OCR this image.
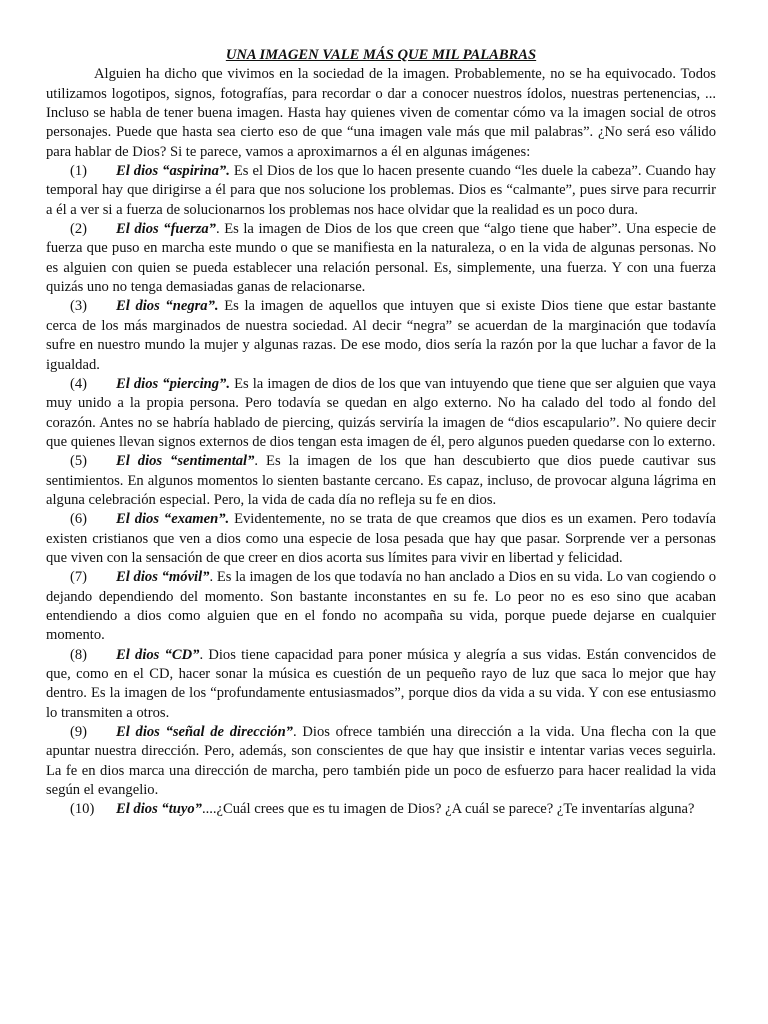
UNA IMAGEN VALE MÁS QUE MIL PALABRAS

Alguien ha dicho que vivimos en la sociedad de la imagen. Probablemente, no se ha equivocado. Todos utilizamos logotipos, signos, fotografías, para recordar o dar a conocer nuestros ídolos, nuestras pertenencias, ... Incluso se habla de tener buena imagen. Hasta hay quienes viven de comentar cómo va la imagen social de otros personajes. Puede que hasta sea cierto eso de que “una imagen vale más que mil palabras”. ¿No será eso válido para hablar de Dios? Si te parece, vamos a aproximarnos a él en algunas imágenes:

(1) El dios “aspirina”. Es el Dios de los que lo hacen presente cuando “les duele la cabeza”. Cuando hay temporal hay que dirigirse a él para que nos solucione los problemas. Dios es “calmante”, pues sirve para recurrir a él a ver si a fuerza de solucionarnos los problemas nos hace olvidar que la realidad es un poco dura.

(2) El dios “fuerza”. Es la imagen de Dios de los que creen que “algo tiene que haber”. Una especie de fuerza que puso en marcha este mundo o que se manifiesta en la naturaleza, o en la vida de algunas personas. No es alguien con quien se pueda establecer una relación personal. Es, simplemente, una fuerza. Y con una fuerza quizás uno no tenga demasiadas ganas de relacionarse.

(3) El dios “negra”. Es la imagen de aquellos que intuyen que si existe Dios tiene que estar bastante cerca de los más marginados de nuestra sociedad. Al decir “negra” se acuerdan de la marginación que todavía sufre en nuestro mundo la mujer y algunas razas. De ese modo, dios sería la razón por la que luchar a favor de la igualdad.

(4) El dios “piercing”. Es la imagen de dios de los que van intuyendo que tiene que ser alguien que vaya muy unido a la propia persona. Pero todavía se quedan en algo externo. No ha calado del todo al fondo del corazón. Antes no se habría hablado de piercing, quizás serviría la imagen de “dios escapulario”. No quiere decir que quienes llevan signos externos de dios tengan esta imagen de él, pero algunos pueden quedarse con lo externo.

(5) El dios “sentimental”. Es la imagen de los que han descubierto que dios puede cautivar sus sentimientos. En algunos momentos lo sienten bastante cercano. Es capaz, incluso, de provocar alguna lágrima en alguna celebración especial. Pero, la vida de cada día no refleja su fe en dios.

(6) El dios “examen”. Evidentemente, no se trata de que creamos que dios es un examen. Pero todavía existen cristianos que ven a dios como una especie de losa pesada que hay que pasar. Sorprende ver a personas que viven con la sensación de que creer en dios acorta sus límites para vivir en libertad y felicidad.

(7) El dios “móvil”. Es la imagen de los que todavía no han anclado a Dios en su vida. Lo van cogiendo o dejando dependiendo del momento. Son bastante inconstantes en su fe. Lo peor no es eso sino que acaban entendiendo a dios como alguien que en el fondo no acompaña su vida, porque puede dejarse en cualquier momento.

(8) El dios “CD”. Dios tiene capacidad para poner música y alegría a sus vidas. Están convencidos de que, como en el CD, hacer sonar la música es cuestión de un pequeño rayo de luz que saca lo mejor que hay dentro. Es la imagen de los “profundamente entusiasmados”, porque dios da vida a su vida. Y con ese entusiasmo lo transmiten a otros.

(9) El dios “señal de dirección”. Dios ofrece también una dirección a la vida. Una flecha con la que apuntar nuestra dirección. Pero, además, son conscientes de que hay que insistir e intentar varias veces seguirla. La fe en dios marca una dirección de marcha, pero también pide un poco de esfuerzo para hacer realidad la vida según el evangelio.

(10) El dios “tuyo”....¿Cuál crees que es tu imagen de Dios? ¿A cuál se parece? ¿Te inventarías alguna?
